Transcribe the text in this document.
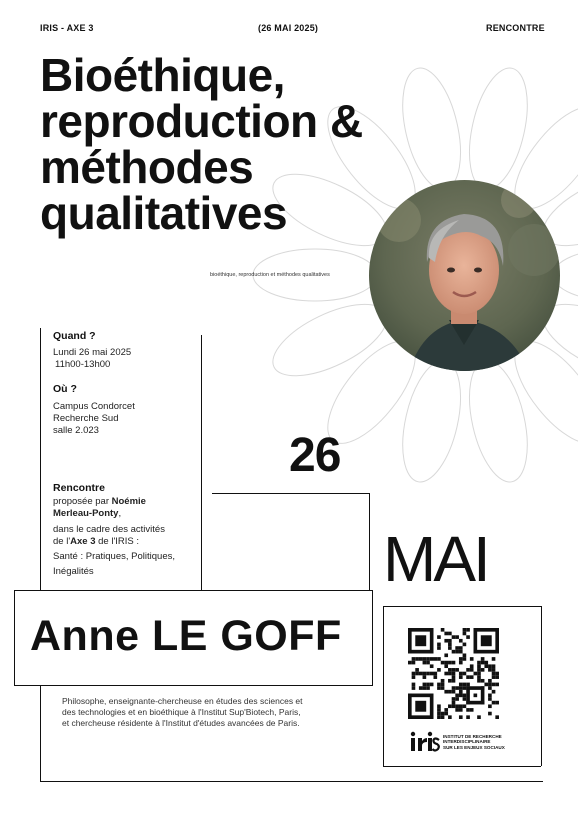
IRIS - AXE 3	(26 MAI 2025)	RENCONTRE
Bioéthique,
reproduction &
méthodes
qualitatives
bioéthique, reproduction et méthodes qualitatives
Quand ?
Lundi 26 mai 2025
11h00-13h00
Où ?
Campus Condorcet
Recherche Sud
salle 2.023
Rencontre
proposée par Noémie
Merleau-Ponty,
dans le cadre des activités
de l'Axe 3 de l'IRIS :
Santé : Pratiques, Politiques,
Inégalités
26
MAI
Anne LE GOFF
Philosophe, enseignante-chercheuse en études des sciences et
des technologies et en bioéthique à l'Institut Sup'Biotech, Paris,
et chercheuse résidente à l'Institut d'études avancées de Paris.
INSTITUT DE RECHERCHE
INTERDISCIPLINAIRE
SUR LES ENJEUX SOCIAUX
